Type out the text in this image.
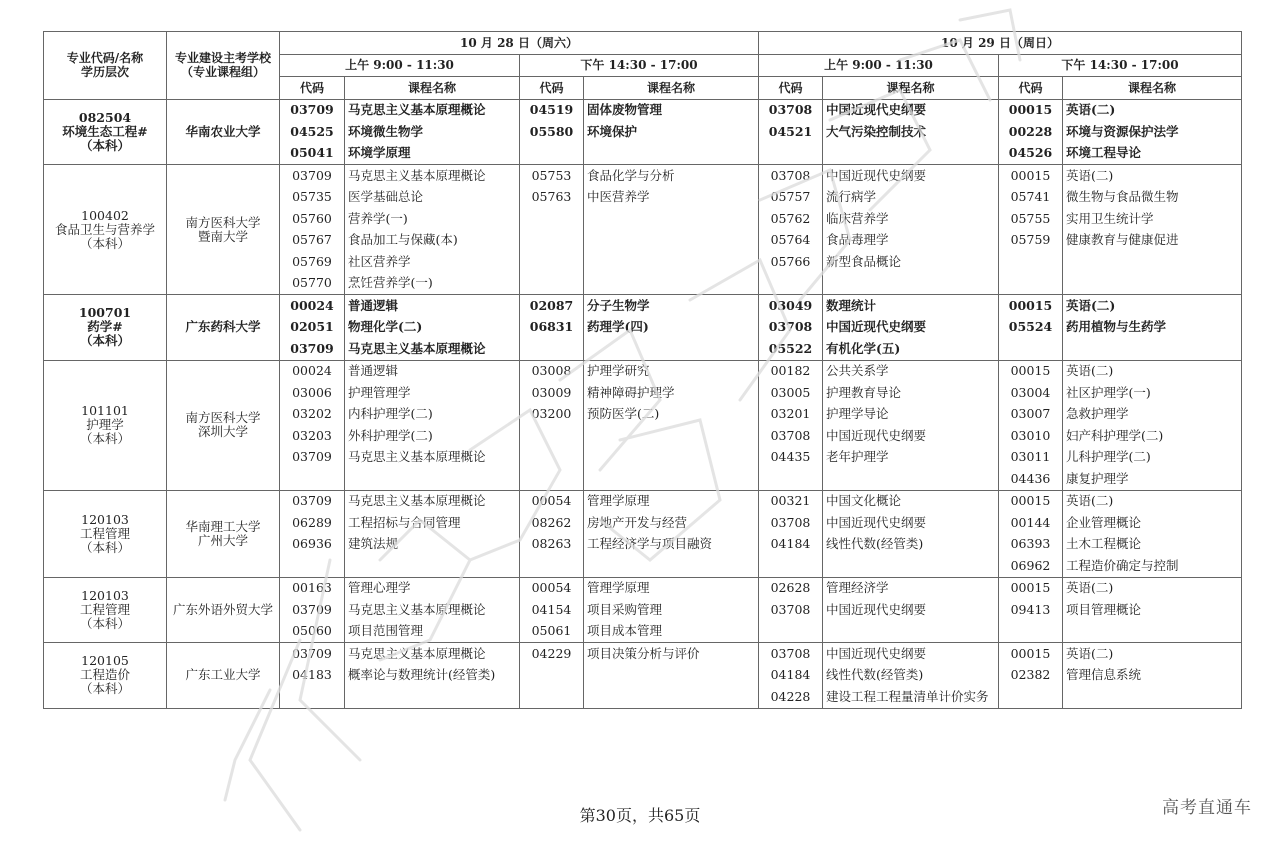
专业代码/名称
学历层次	专业建设主考学校
（专业课程组）	10 月 28 日（周六）				10 月 29 日（周日）			
		上午 9:00 - 11:30		下午 14:30 - 17:00		上午 9:00 - 11:30		下午 14:30 - 17:00	
		代码	课程名称	代码	课程名称	代码	课程名称	代码	课程名称
082504
环境生态工程#
（本科）	华南农业大学	03709	马克思主义基本原理概论	04519	固体废物管理	03708	中国近现代史纲要	00015	英语(二)
		04525	环境微生物学	05580	环境保护	04521	大气污染控制技术	00228	环境与资源保护法学
		05041	环境学原理					04526	环境工程导论
100402
食品卫生与营养学
（本科）	南方医科大学
暨南大学	03709	马克思主义基本原理概论	05753	食品化学与分析	03708	中国近现代史纲要	00015	英语(二)
		05735	医学基础总论	05763	中医营养学	05757	流行病学	05741	微生物与食品微生物
		05760	营养学(一)			05762	临床营养学	05755	实用卫生统计学
		05767	食品加工与保藏(本)			05764	食品毒理学	05759	健康教育与健康促进
		05769	社区营养学			05766	新型食品概论		
		05770	烹饪营养学(一)						
100701
药学#
（本科）	广东药科大学	00024	普通逻辑	02087	分子生物学	03049	数理统计	00015	英语(二)
		02051	物理化学(二)	06831	药理学(四)	03708	中国近现代史纲要	05524	药用植物与生药学
		03709	马克思主义基本原理概论			05522	有机化学(五)		
101101
护理学
（本科）	南方医科大学
深圳大学	00024	普通逻辑	03008	护理学研究	00182	公共关系学	00015	英语(二)
		03006	护理管理学	03009	精神障碍护理学	03005	护理教育导论	03004	社区护理学(一)
		03202	内科护理学(二)	03200	预防医学(二)	03201	护理学导论	03007	急救护理学
		03203	外科护理学(二)			03708	中国近现代史纲要	03010	妇产科护理学(二)
		03709	马克思主义基本原理概论			04435	老年护理学	03011	儿科护理学(二)
								04436	康复护理学
120103
工程管理
（本科）	华南理工大学
广州大学	03709	马克思主义基本原理概论	00054	管理学原理	00321	中国文化概论	00015	英语(二)
		06289	工程招标与合同管理	08262	房地产开发与经营	03708	中国近现代史纲要	00144	企业管理概论
		06936	建筑法规	08263	工程经济学与项目融资	04184	线性代数(经管类)	06393	土木工程概论
								06962	工程造价确定与控制
120103
工程管理
（本科）	广东外语外贸大学	00163	管理心理学	00054	管理学原理	02628	管理经济学	00015	英语(二)
		03709	马克思主义基本原理概论	04154	项目采购管理	03708	中国近现代史纲要	09413	项目管理概论
		05060	项目范围管理	05061	项目成本管理				
120105
工程造价
（本科）	广东工业大学	03709	马克思主义基本原理概论	04229	项目决策分析与评价	03708	中国近现代史纲要	00015	英语(二)
		04183	概率论与数理统计(经管类)			04184	线性代数(经管类)	02382	管理信息系统
						04228	建设工程工程量清单计价实务		
第30页，共65页	高考直通车
